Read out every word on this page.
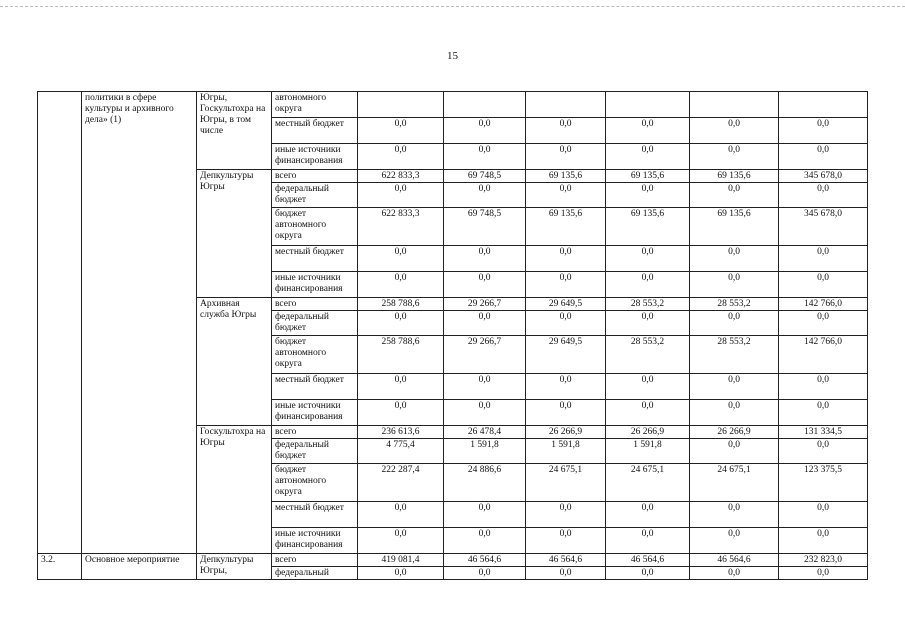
15
	политики в сфере культуры и архивного дела» (1)	Югры, Госкультохра на Югры, в том числе	автономного округа						
			местный бюджет	0,0	0,0	0,0	0,0	0,0	0,0
			иные источники финансирования	0,0	0,0	0,0	0,0	0,0	0,0
		Депкультуры Югры	всего	622 833,3	69 748,5	69 135,6	69 135,6	69 135,6	345 678,0
			федеральный бюджет	0,0	0,0	0,0	0,0	0,0	0,0
			бюджет автономного округа	622 833,3	69 748,5	69 135,6	69 135,6	69 135,6	345 678,0
			местный бюджет	0,0	0,0	0,0	0,0	0,0	0,0
			иные источники финансирования	0,0	0,0	0,0	0,0	0,0	0,0
		Архивная служба Югры	всего	258 788,6	29 266,7	29 649,5	28 553,2	28 553,2	142 766,0
			федеральный бюджет	0,0	0,0	0,0	0,0	0,0	0,0
			бюджет автономного округа	258 788,6	29 266,7	29 649,5	28 553,2	28 553,2	142 766,0
			местный бюджет	0,0	0,0	0,0	0,0	0,0	0,0
			иные источники финансирования	0,0	0,0	0,0	0,0	0,0	0,0
		Госкультохра на Югры	всего	236 613,6	26 478,4	26 266,9	26 266,9	26 266,9	131 334,5
			федеральный бюджет	4 775,4	1 591,8	1 591,8	1 591,8	0,0	0,0
			бюджет автономного округа	222 287,4	24 886,6	24 675,1	24 675,1	24 675,1	123 375,5
			местный бюджет	0,0	0,0	0,0	0,0	0,0	0,0
			иные источники финансирования	0,0	0,0	0,0	0,0	0,0	0,0
3.2.	Основное мероприятие	Депкультуры Югры,	всего	419 081,4	46 564,6	46 564,6	46 564,6	46 564,6	232 823,0
			федеральный	0,0	0,0	0,0	0,0	0,0	0,0
